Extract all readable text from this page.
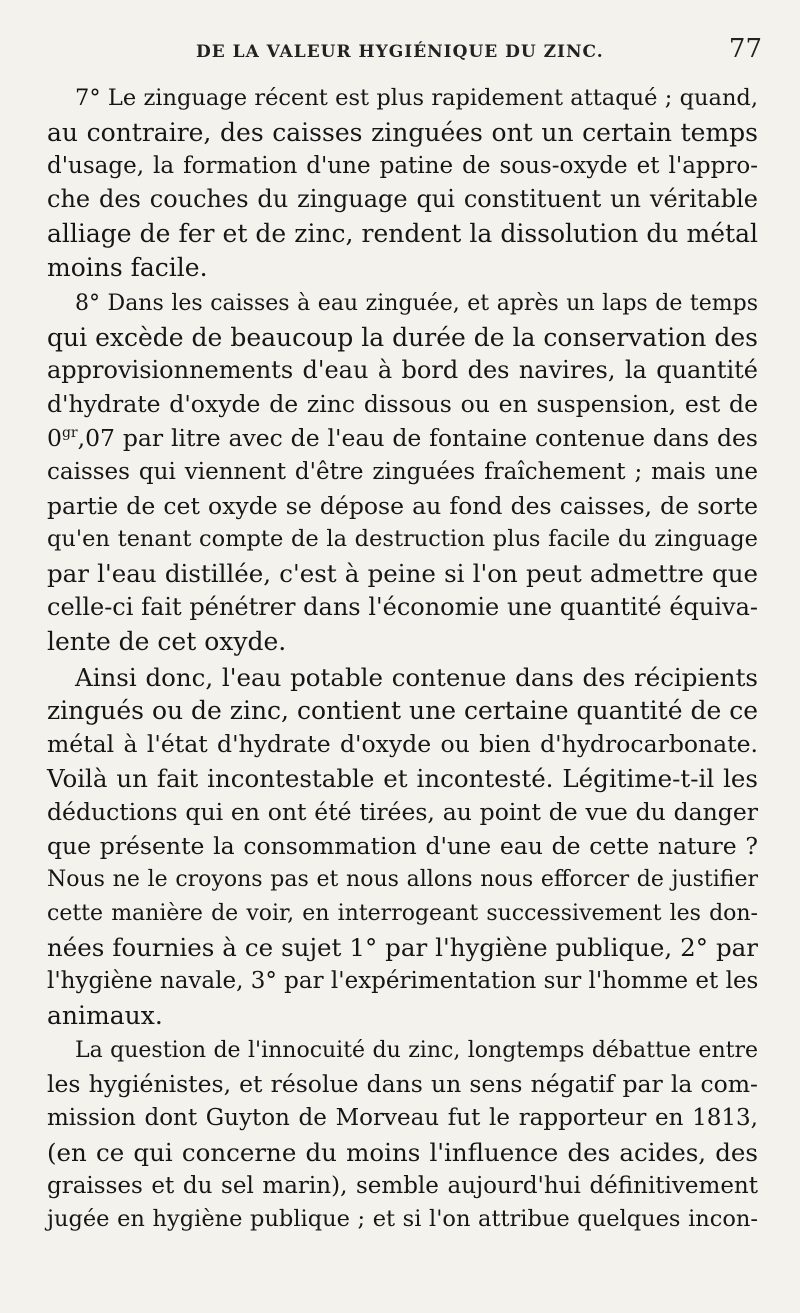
DE LA VALEUR HYGIÉNIQUE DU ZINC.	77
7° Le zinguage récent est plus rapidement attaqué ; quand,
au contraire, des caisses zinguées ont un certain temps
d'usage, la formation d'une patine de sous-oxyde et l'appro-
che des couches du zinguage qui constituent un véritable
alliage de fer et de zinc, rendent la dissolution du métal
moins facile.
8° Dans les caisses à eau zinguée, et après un laps de temps
qui excède de beaucoup la durée de la conservation des
approvisionnements d'eau à bord des navires, la quantité
d'hydrate d'oxyde de zinc dissous ou en suspension, est de
$0^{gr},07$ par litre avec de l'eau de fontaine contenue dans des
caisses qui viennent d'être zinguées fraîchement ; mais une
partie de cet oxyde se dépose au fond des caisses, de sorte
qu'en tenant compte de la destruction plus facile du zinguage
par l'eau distillée, c'est à peine si l'on peut admettre que
celle-ci fait pénétrer dans l'économie une quantité équiva-
lente de cet oxyde.
Ainsi donc, l'eau potable contenue dans des récipients
zingués ou de zinc, contient une certaine quantité de ce
métal à l'état d'hydrate d'oxyde ou bien d'hydrocarbonate.
Voilà un fait incontestable et incontesté. Légitime-t-il les
déductions qui en ont été tirées, au point de vue du danger
que présente la consommation d'une eau de cette nature ?
Nous ne le croyons pas et nous allons nous efforcer de justifier
cette manière de voir, en interrogeant successivement les don-
nées fournies à ce sujet 1° par l'hygiène publique, 2° par
l'hygiène navale, 3° par l'expérimentation sur l'homme et les
animaux.
La question de l'innocuité du zinc, longtemps débattue entre
les hygiénistes, et résolue dans un sens négatif par la com-
mission dont Guyton de Morveau fut le rapporteur en 1813,
(en ce qui concerne du moins l'influence des acides, des
graisses et du sel marin), semble aujourd'hui définitivement
jugée en hygiène publique ; et si l'on attribue quelques incon-
